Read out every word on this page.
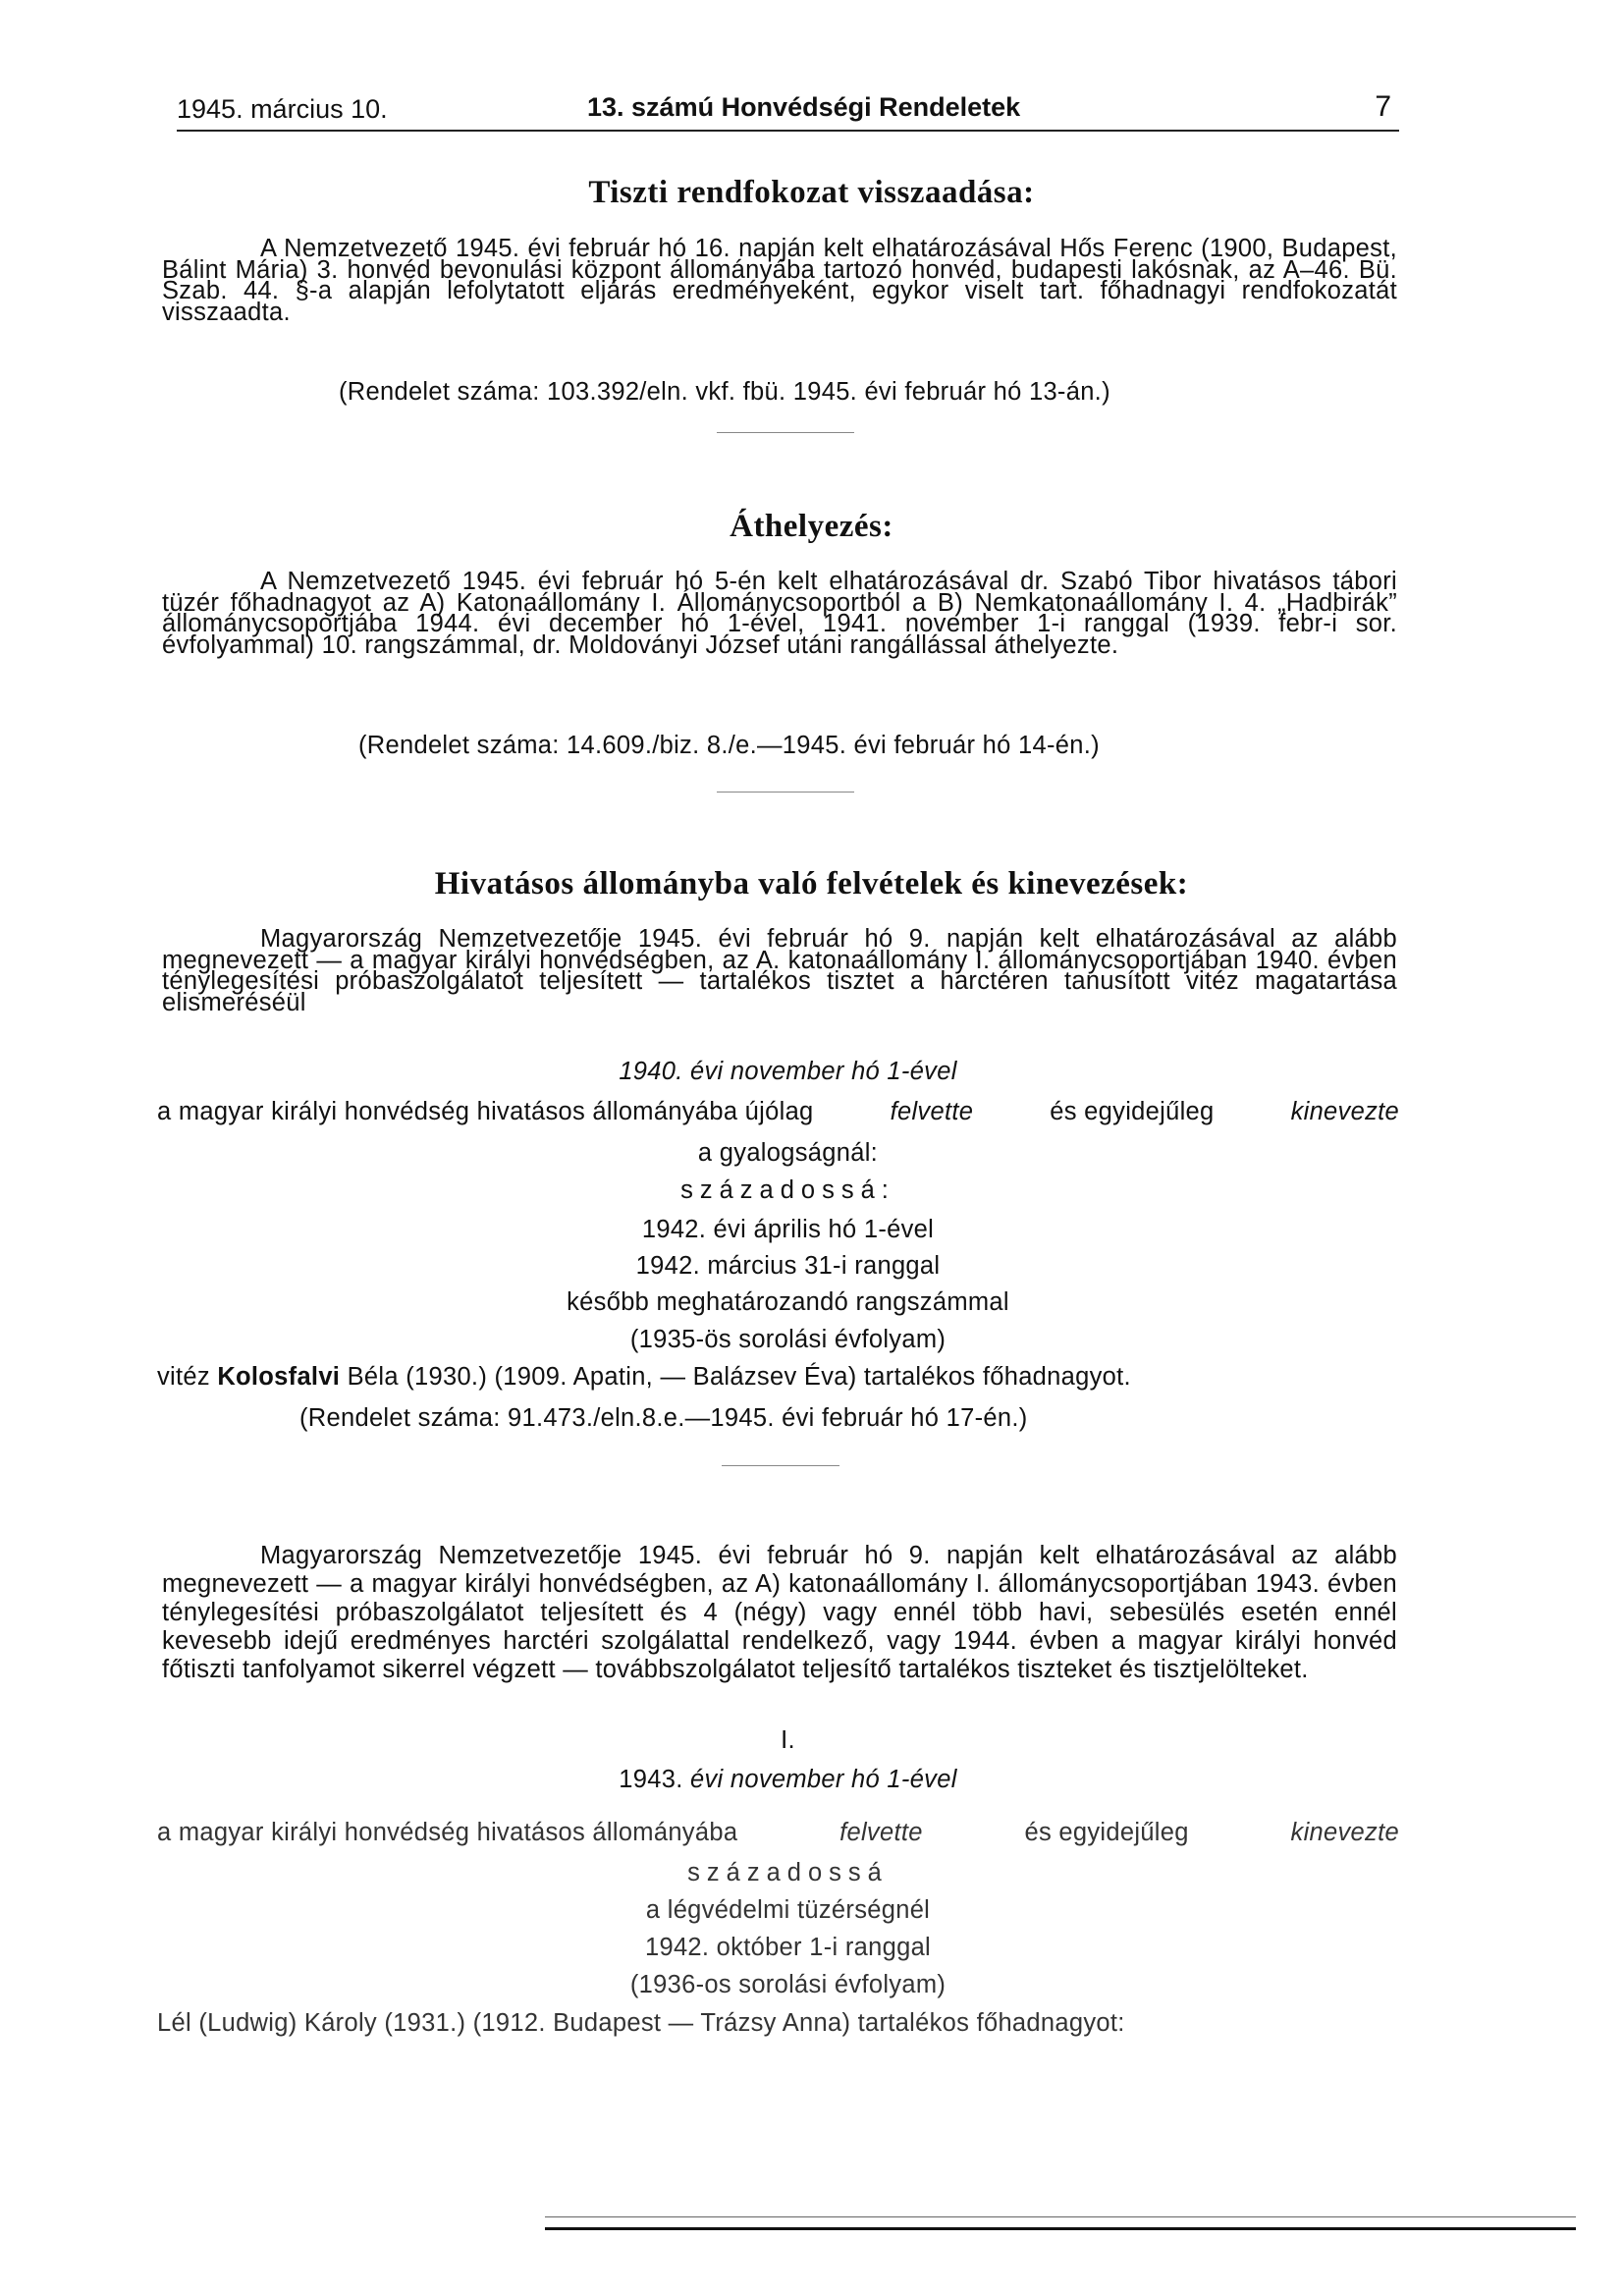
1945. március 10.	13. számú Honvédségi Rendeletek	7
Tiszti rendfokozat visszaadása:
A Nemzetvezető 1945. évi február hó 16. napján kelt elhatározásával Hős Ferenc (1900, Budapest, Bálint Mária) 3. honvéd bevonulási központ állományába tartozó honvéd, budapesti lakósnak, az A–46. Bü. Szab. 44. §-a alapján lefolytatott eljárás eredményeként, egykor viselt tart. főhadnagyi rendfokozatát visszaadta.
(Rendelet száma: 103.392/eln. vkf. fbü. 1945. évi február hó 13-án.)
Áthelyezés:
A Nemzetvezető 1945. évi február hó 5-én kelt elhatározásával dr. Szabó Tibor hivatásos tábori tüzér főhadnagyot az A) Katonaállomány I. Állománycsoportból a B) Nemkatonaállomány I. 4. „Hadbirák” állománycsoportjába 1944. évi december hó 1-ével, 1941. november 1-i ranggal (1939. febr-i sor. évfolyammal) 10. rangszámmal, dr. Moldoványi József utáni rangállással áthelyezte.
(Rendelet száma: 14.609./biz. 8./e.—1945. évi február hó 14-én.)
Hivatásos állományba való felvételek és kinevezések:
Magyarország Nemzetvezetője 1945. évi február hó 9. napján kelt elhatározásával az alább megnevezett — a magyar királyi honvédségben, az A. katonaállomány I. állománycsoportjában 1940. évben ténylegesítési próbaszolgálatot teljesített — tartalékos tisztet a harctéren tanusított vitéz magatartása elismeréséül
1940. évi november hó 1-ével
a magyar királyi honvédség hivatásos állományába újólag	felvette	és egyidejűleg	kinevezte
a gyalogságnál:
századossá:
1942. évi április hó 1-ével
1942. március 31-i ranggal
később meghatározandó rangszámmal
(1935-ös sorolási évfolyam)
vitéz Kolosfalvi Béla (1930.) (1909. Apatin, — Balázsev Éva) tartalékos főhadnagyot.
(Rendelet száma: 91.473./eln.8.e.—1945. évi február hó 17-én.)
Magyarország Nemzetvezetője 1945. évi február hó 9. napján kelt elhatározásával az alább megnevezett — a magyar királyi honvédségben, az A) katonaállomány I. állománycsoportjában 1943. évben ténylegesítési próbaszolgálatot teljesített és 4 (négy) vagy ennél több havi, sebesülés esetén ennél kevesebb idejű eredményes harctéri szolgálattal rendelkező, vagy 1944. évben a magyar királyi honvéd főtiszti tanfolyamot sikerrel végzett — továbbszolgálatot teljesítő tartalékos tiszteket és tisztjelölteket.
I.
1943. évi november hó 1-ével
a magyar királyi honvédség hivatásos állományába	felvette	és egyidejűleg	kinevezte
századossá
a légvédelmi tüzérségnél
1942. október 1-i ranggal
(1936-os sorolási évfolyam)
Lél (Ludwig) Károly (1931.) (1912. Budapest — Trázsy Anna) tartalékos főhadnagyot:
